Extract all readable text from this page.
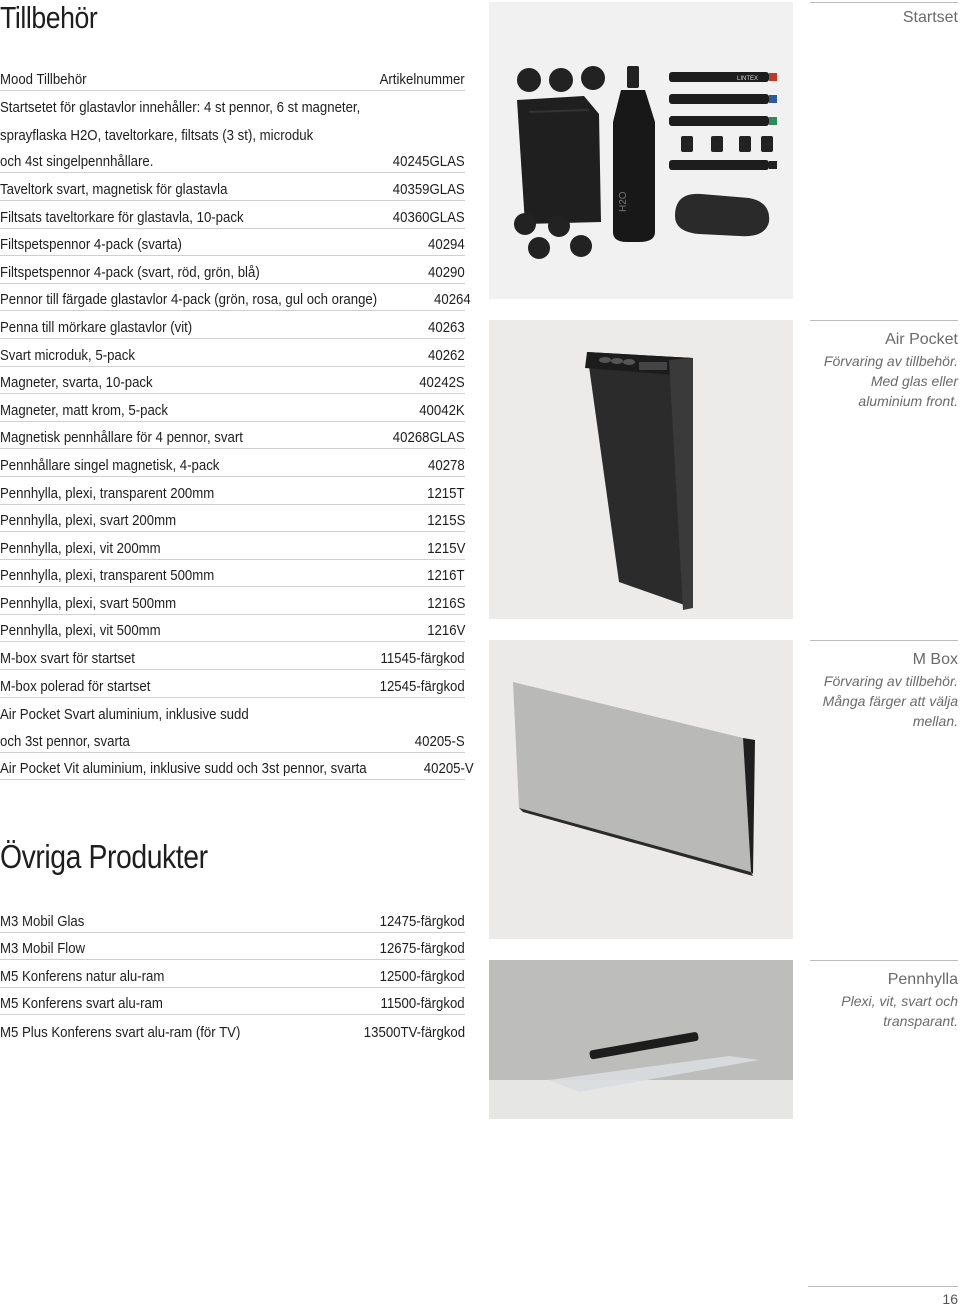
Tillbehör
Mood Tillbehör	Artikelnummer
Startsetet för glastavlor innehåller: 4 st pennor, 6 st magneter,
sprayflaska H2O, taveltorkare, filtsats (3 st), microduk
och 4st singelpennhållare.	40245GLAS
Taveltork svart, magnetisk för glastavla	40359GLAS
Filtsats taveltorkare för glastavla, 10-pack	40360GLAS
Filtspetspennor 4-pack (svarta)	40294
Filtspetspennor 4-pack (svart, röd, grön, blå)	40290
Pennor till färgade glastavlor 4-pack (grön, rosa, gul och orange)	40264
Penna till mörkare glastavlor (vit)	40263
Svart microduk, 5-pack	40262
Magneter, svarta, 10-pack	40242S
Magneter, matt krom, 5-pack	40042K
Magnetisk pennhållare för 4 pennor, svart	40268GLAS
Pennhållare singel magnetisk, 4-pack	40278
Pennhylla, plexi, transparent 200mm	1215T
Pennhylla, plexi, svart 200mm	1215S
Pennhylla, plexi, vit 200mm	1215V
Pennhylla, plexi, transparent 500mm	1216T
Pennhylla, plexi, svart 500mm	1216S
Pennhylla, plexi, vit 500mm	1216V
M-box svart för startset	11545-färgkod
M-box polerad för startset	12545-färgkod
Air Pocket Svart aluminium, inklusive sudd
och 3st pennor, svarta	40205-S
Air Pocket Vit aluminium, inklusive sudd och 3st pennor, svarta	40205-V
Övriga Produkter
M3 Mobil Glas	12475-färgkod
M3 Mobil Flow	12675-färgkod
M5 Konferens natur alu-ram	12500-färgkod
M5 Konferens svart alu-ram	11500-färgkod
M5 Plus Konferens svart alu-ram (för TV)	13500TV-färgkod
H2O
LINTEX
Startset
Air Pocket
Förvaring av tillbehör.
Med glas eller
aluminium front.
M Box
Förvaring av tillbehör.
Många färger att välja
mellan.
Pennhylla
Plexi, vit, svart och
transparant.
16
